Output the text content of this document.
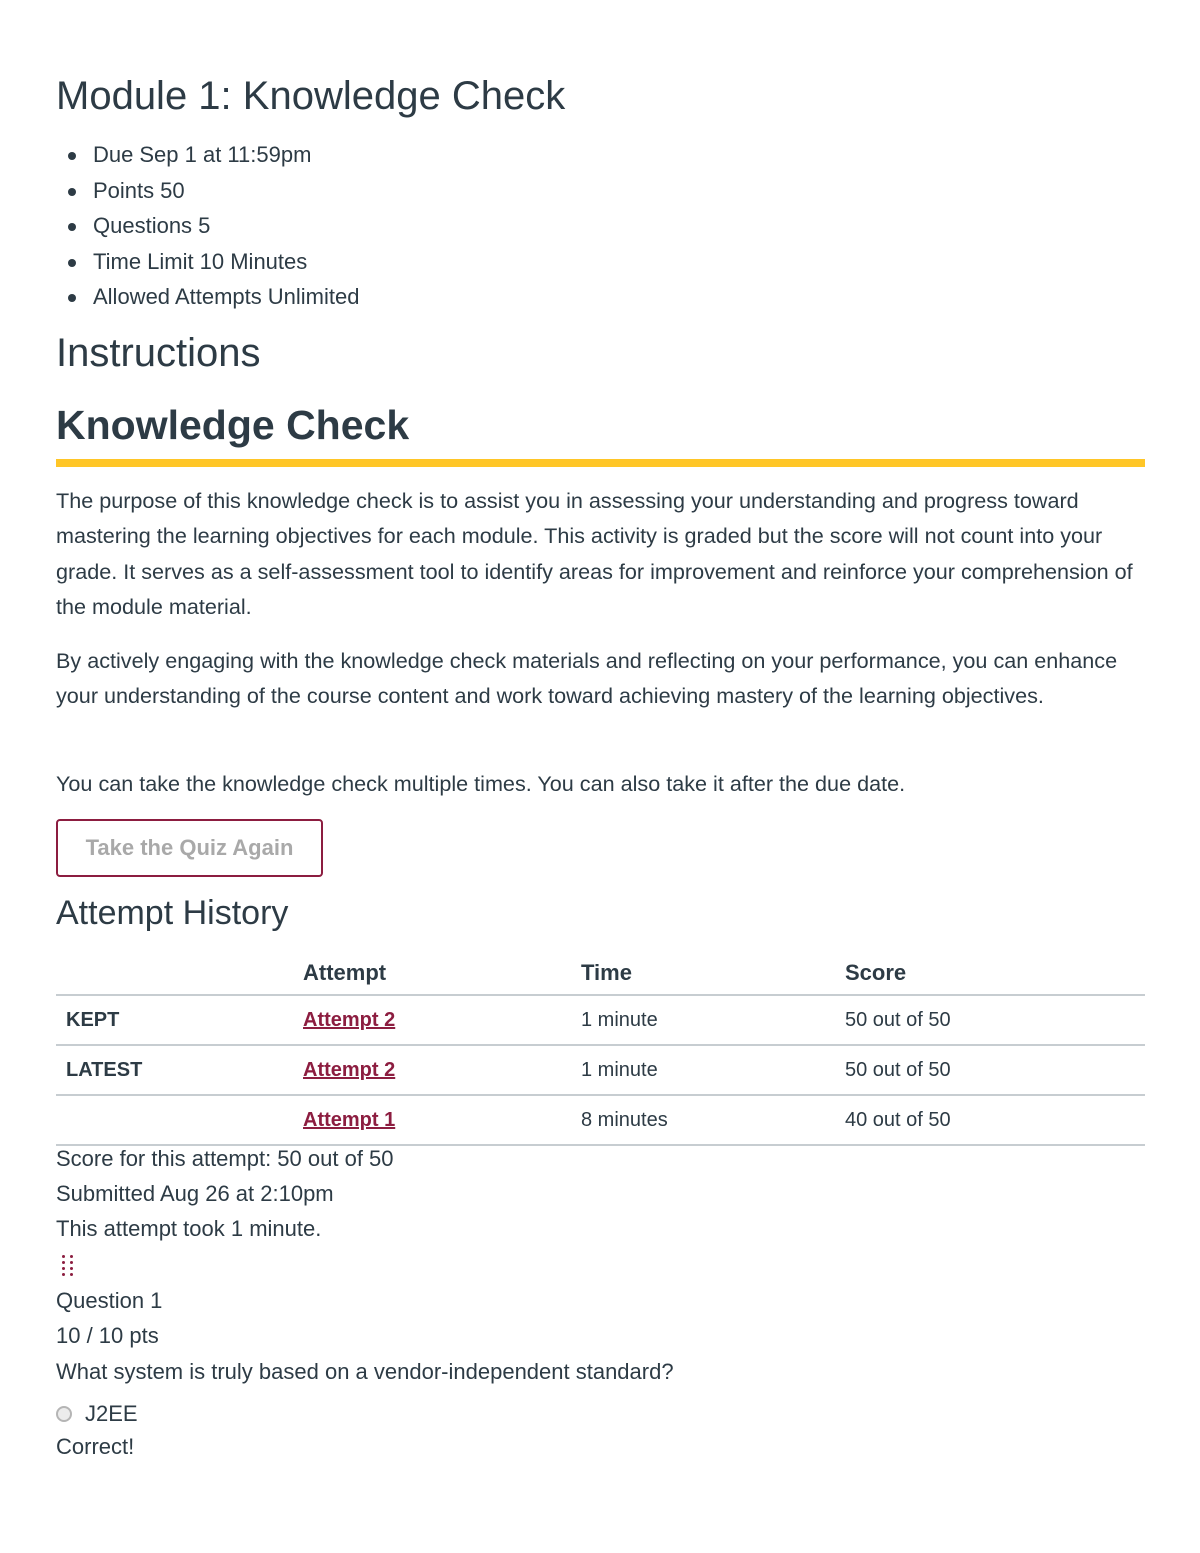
Module 1: Knowledge Check
Due Sep 1 at 11:59pm
Points 50
Questions 5
Time Limit 10 Minutes
Allowed Attempts Unlimited
Instructions
Knowledge Check

The purpose of this knowledge check is to assist you in assessing your understanding and progress toward mastering the learning objectives for each module. This activity is graded but the score will not count into your grade. It serves as a self-assessment tool to identify areas for improvement and reinforce your comprehension of the module material.

By actively engaging with the knowledge check materials and reflecting on your performance, you can enhance your understanding of the course content and work toward achieving mastery of the learning objectives.

You can take the knowledge check multiple times. You can also take it after the due date.

Take the Quiz Again
Attempt History
	Attempt	Time	Score
KEPT	Attempt 2	1 minute	50 out of 50
LATEST	Attempt 2	1 minute	50 out of 50
	Attempt 1	8 minutes	40 out of 50

Score for this attempt: 50 out of 50

Submitted Aug 26 at 2:10pm

This attempt took 1 minute.

Question 1

10 / 10 pts

What system is truly based on a vendor-independent standard?

J2EE

Correct!
